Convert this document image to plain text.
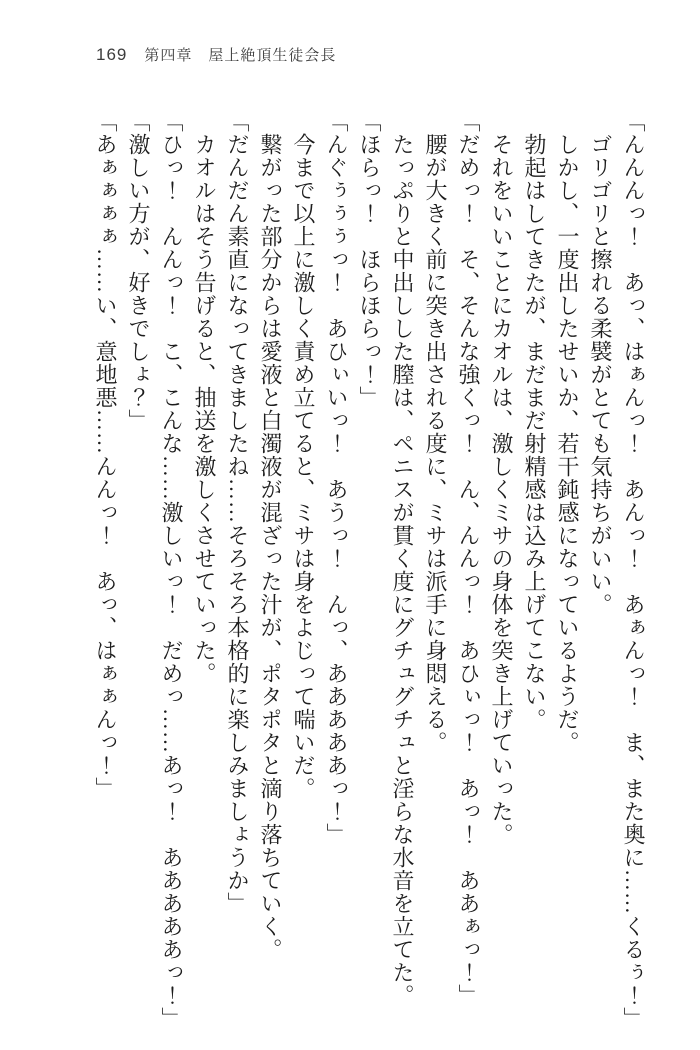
169 第四章　屋上絶頂生徒会長

「んんんっ！　あっ、はぁんっ！　あんっ！　あぁんっ！　ま、また奥に……くるぅ！」

ゴリゴリと擦れる柔襞がとても気持ちがいい。

しかし、一度出したせいか、若干鈍感になっているようだ。

勃起はしてきたが、まだまだ射精感は込み上げてこない。

それをいいことにカオルは、激しくミサの身体を突き上げていった。

「だめっ！　そ、そんな強くっ！　ん、んんっ！　あひぃっ！　あっ！　ああぁっ！」

腰が大きく前に突き出される度に、ミサは派手に身悶える。

たっぷりと中出しした膣は、ペニスが貫く度にグチュグチュと淫らな水音を立てた。

「ほらっ！　ほらほらっ！」

「んぐぅぅぅっ！　あひぃいっ！　あうっ！　んっ、あああああっ！」

今まで以上に激しく責め立てると、ミサは身をよじって喘いだ。

繋がった部分からは愛液と白濁液が混ざった汁が、ポタポタと滴り落ちていく。

「だんだん素直になってきましたね……そろそろ本格的に楽しみましょうか」

カオルはそう告げると、抽送を激しくさせていった。

「ひっ！　んんっ！　こ、こんな……激しいっ！　だめっ……あっ！　あああああっ！」

「激しい方が、好きでしょ？」

「あぁぁぁぁ……い、意地悪……んんっ！　あっ、はぁぁんっ！」
